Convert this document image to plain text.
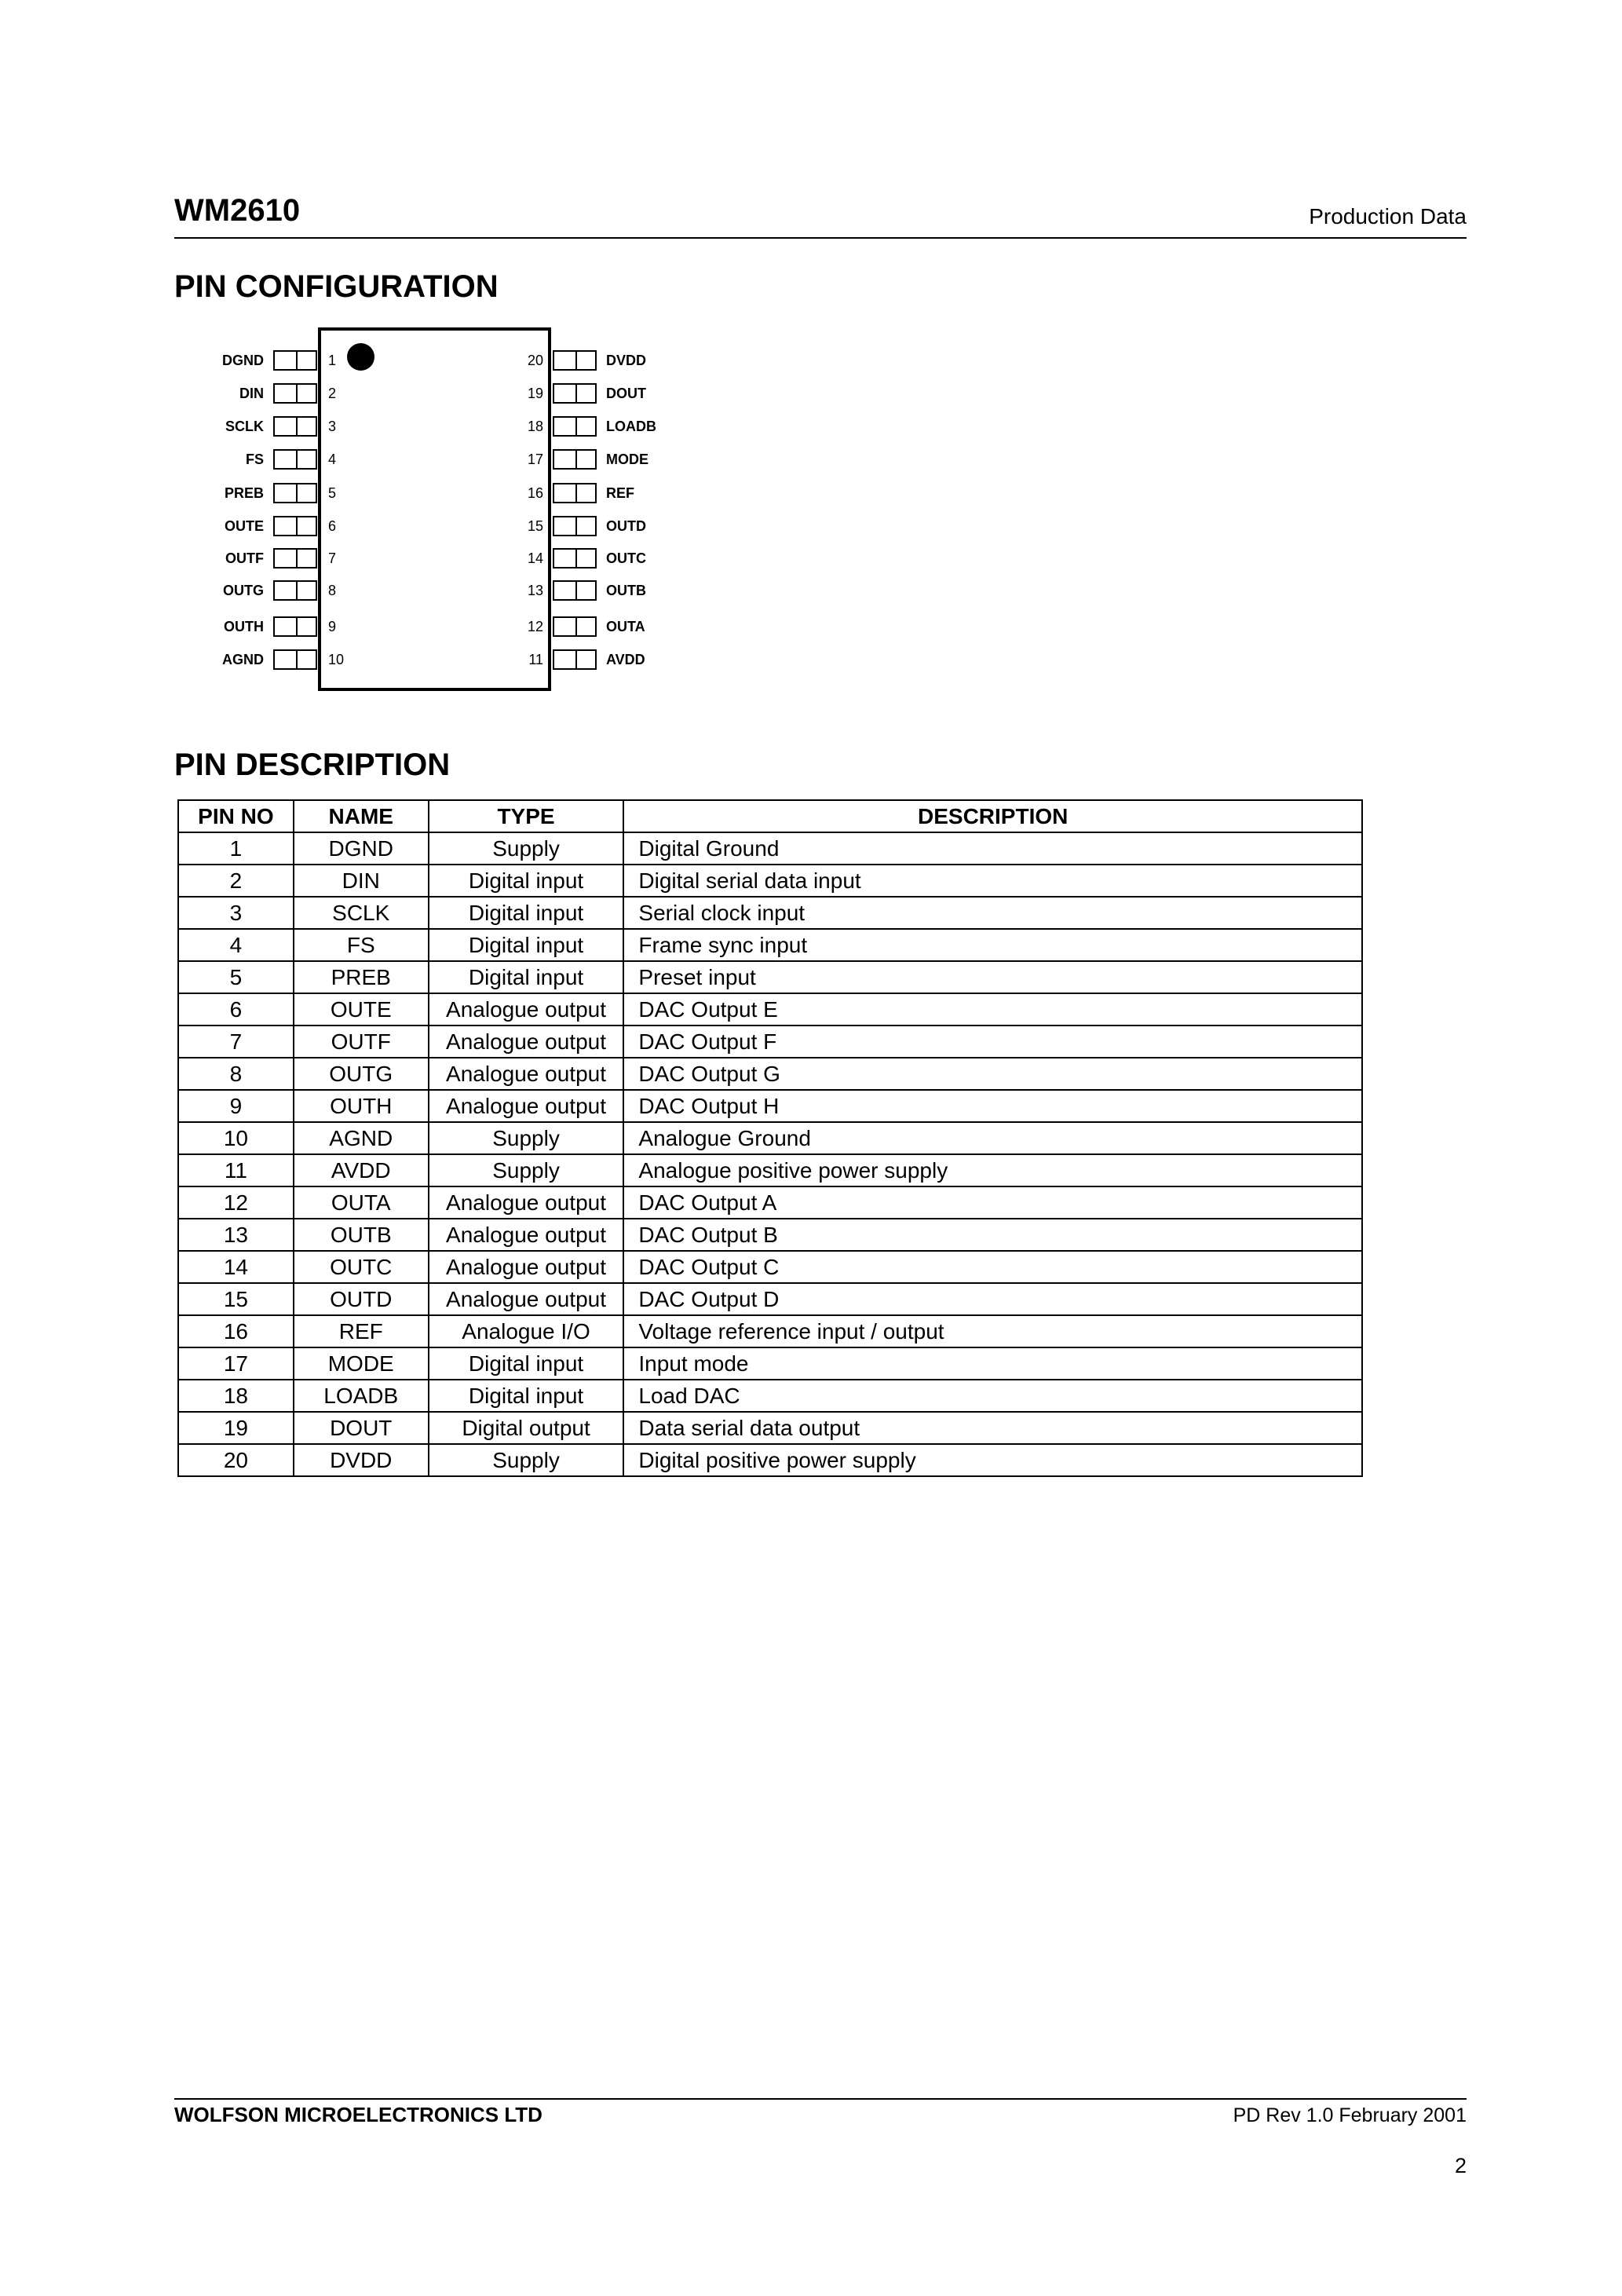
WM2610	Production Data
PIN CONFIGURATION
DGND	1	20	DVDD
DIN	2	19	DOUT
SCLK	3	18	LOADB
FS	4	17	MODE
PREB	5	16	REF
OUTE	6	15	OUTD
OUTF	7	14	OUTC
OUTG	8	13	OUTB
OUTH	9	12	OUTA
AGND	10	11	AVDD
PIN DESCRIPTION
PIN NO	NAME	TYPE	DESCRIPTION
1	DGND	Supply	Digital Ground
2	DIN	Digital input	Digital serial data input
3	SCLK	Digital input	Serial clock input
4	FS	Digital input	Frame sync input
5	PREB	Digital input	Preset input
6	OUTE	Analogue output	DAC Output E
7	OUTF	Analogue output	DAC Output F
8	OUTG	Analogue output	DAC Output G
9	OUTH	Analogue output	DAC Output H
10	AGND	Supply	Analogue Ground
11	AVDD	Supply	Analogue positive power supply
12	OUTA	Analogue output	DAC Output A
13	OUTB	Analogue output	DAC Output B
14	OUTC	Analogue output	DAC Output C
15	OUTD	Analogue output	DAC Output D
16	REF	Analogue I/O	Voltage reference input / output
17	MODE	Digital input	Input mode
18	LOADB	Digital input	Load DAC
19	DOUT	Digital output	Data serial data output
20	DVDD	Supply	Digital positive power supply
WOLFSON MICROELECTRONICS LTD	PD Rev 1.0 February 2001
2
